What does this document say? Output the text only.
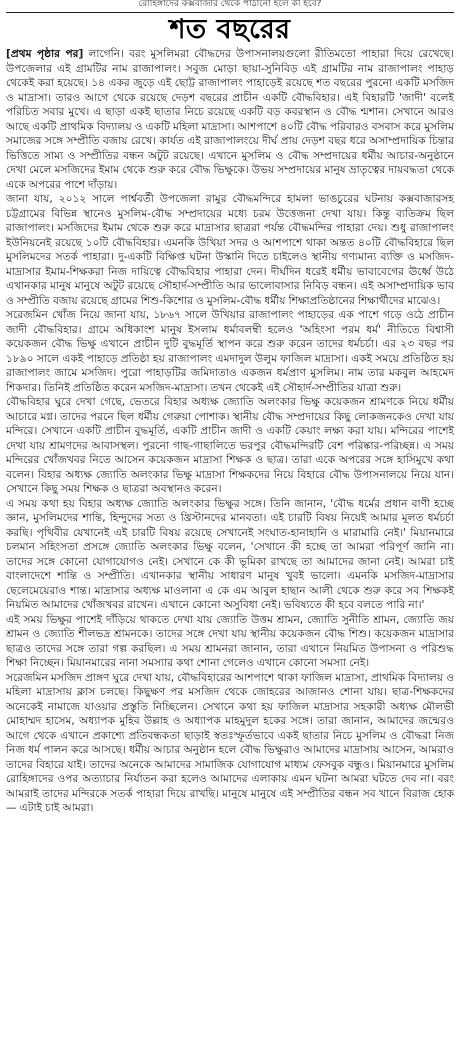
রোহিঙ্গাদের কক্সবাজার থেকে পাঠানো হলে কী হবে?
শত বছরের

[প্রথম পৃষ্ঠার পর] লাগেনি। বরং মুসলিমরা বৌদ্ধদের উপাসনালয়গুলো রীতিমতো পাহারা দিয়ে রেখেছে। উপজেলার এই গ্রামটির নাম রাজাপালং। সবুজ মোড়া ছায়া-সুনিবিড় এই গ্রামটির নাম রাজাপালং পাহাড় থেকেই করা হয়েছে। ১৪ একর জুড়ে এই ছোট্ট রাজাপালং পাহাড়েই রয়েছে শত বছরের পুরনো একটি মসজিদ ও মাদ্রাসা। তারও আগে থেকে রয়েছে দেড়শ বছরের প্রাচীন একটি বৌদ্ধবিহার। এই বিহারটি 'জাদী' বলেই পরিচিত সবার মুখে। এ ছাড়া একই ছাতার নিচে রয়েছে একটি বড় কবরস্থান ও বৌদ্ধ শ্মশান। সেখানে আরও আছে একটি প্রাথমিক বিদ্যালয় ও একটি মহিলা মাদ্রাসা। আশপাশে ৪০টি বৌদ্ধ পরিবারও বসবাস করে মুসলিম সমাজের সঙ্গে সম্প্রীতি বজায় রেখে। কার্যত এই রাজাপালংয়ে দীর্ঘ প্রায় দেড়শ বছর ধরে অসাম্প্রদায়িক চিন্তার ভিত্তিতে সাম্য ও সম্প্রীতির বন্ধন অটুট রয়েছে। এখানে মুসলিম ও বৌদ্ধ সম্প্রদায়ের ধর্মীয় আচার-অনুষ্ঠানে দেখা মেলে মসজিদের ইমাম থেকে শুরু করে বৌদ্ধ ভিক্ষুকে। উভয় সম্প্রদায়ের মানুষ ভ্রাতৃত্বের দায়বদ্ধতা থেকে একে অপরের পাশে দাঁড়ায়।

জানা যায়, ২০১২ সালে পার্শ্ববর্তী উপজেলা রামুর বৌদ্ধমন্দিরে হামলা ভাঙচুরের ঘটনায় কক্সবাজারসহ চট্টগ্রামের বিভিন্ন স্থানেও মুসলিম-বৌদ্ধ সম্প্রদায়ের মধ্যে চরম উত্তেজনা দেখা যায়। কিন্তু ব্যতিক্রম ছিল রাজাপালং। মসজিদের ইমাম থেকে শুরু করে মাদ্রাসার ছাত্ররা পর্যন্ত বৌদ্ধমন্দির পাহারা দেয়। শুধু রাজাপালং ইউনিয়নেই রয়েছে ১০টি বৌদ্ধবিহার। এমনকি উখিয়া সদর ও আশপাশে থাকা অন্তত ৪০টি বৌদ্ধবিহারে ছিল মুসলিমদের সতর্ক পাহারা। দু-একটি বিক্ষিপ্ত ঘটনা উস্কানি দিতে চাইলেও স্থানীয় গণ্যমান্য ব্যক্তি ও মসজিদ-মাদ্রাসার ইমাম-শিক্ষকরা নিজ দায়িত্বে বৌদ্ধবিহার পাহারা দেন। দীর্ঘদিন ধরেই ধর্মীয় ভাবাবেগের ঊর্ধ্বে উঠে এখানকার মানুষ মানুষে অটুট রয়েছে সৌহার্দ-সম্প্রীতি আর ভালোবাসার নিবিড় বন্ধন। এই অসাম্প্রদায়িক ভাব ও সম্প্রীতি বজায় রয়েছে গ্রামের শিশু-কিশোর ও মুসলিম-বৌদ্ধ ধর্মীয় শিক্ষাপ্রতিষ্ঠানের শিক্ষার্থীদের মাঝেও।

সরেজমিন খোঁজ নিয়ে জানা যায়, ১৮৬৭ সালে উখিয়ার রাজাপালং পাহাড়ের এক পাশে গড়ে ওঠে প্রাচীন জাদী বৌদ্ধবিহার। গ্রামে অধিকাংশ মানুষ ইসলাম ধর্মাবলম্বী হলেও 'অহিংসা পরম ধর্ম' নীতিতে বিশ্বাসী কয়েকজন বৌদ্ধ ভিক্ষু এখানে প্রাচীন দুটি বুদ্ধমূর্তি স্থাপন করে শুরু করেন তাদের ধর্মচর্চা। এর ২৩ বছর পর ১৮৯০ সালে একই পাহাড়ে প্রতিষ্ঠা হয় রাজাপালং এমদাদুল উলুম ফাজিল মাদ্রাসা। একই সময়ে প্রতিষ্ঠিত হয় রাজাপালং জামে মসজিদ। পুরো পাহাড়টির জমিদাতাও একজন ধর্মপ্রাণ মুসলিম। নাম তার মকবুল আহমেদ শিকদার। তিনিই প্রতিষ্ঠিত করেন মসজিদ-মাদ্রাসা। তখন থেকেই এই সৌহার্দ-সম্প্রীতির যাত্রা শুরু।

বৌদ্ধবিহার ঘুরে দেখা গেছে, ভেতরে বিহার অধ্যক্ষ জ্যোতি অলংকার ভিক্ষু কয়েকজন শ্রামণকে নিয়ে ধর্মীয় আচারে মগ্ন। তাদের পরনে ছিল ধর্মীয় গেরুয়া পোশাক। স্থানীয় বৌদ্ধ সম্প্রদায়ের কিছু লোকজনকেও দেখা যায় মন্দিরে। সেখানে একটি প্রাচীন বুদ্ধমূর্তি, একটি প্রাচীন জাদী ও একটি কেয়াং লক্ষ্য করা যায়। মন্দিরের পাশেই দেখা যায় শ্রামণদের আবাসস্থল। পুরনো গাছ-গাছালিতে ভরপুর বৌদ্ধমন্দিরটি বেশ পরিষ্কার-পরিচ্ছন্ন। এ সময় মন্দিরের খোঁজখবর নিতে আসেন কয়েকজন মাদ্রাসা শিক্ষক ও ছাত্র। তারা একে অপরের সঙ্গে হাসিমুখে কথা বলেন। বিহার অধ্যক্ষ জ্যোতি অলংকার ভিক্ষু মাদ্রাসা শিক্ষকদের নিয়ে বিহারে বৌদ্ধ উপাসনালয়ে নিয়ে যান। সেখানে কিছু সময় শিক্ষক ও ছাত্ররা অবস্থানও করেন।

এ সময় কথা হয় বিহার অধ্যক্ষ জ্যোতি অলংকার ভিক্ষুর সঙ্গে। তিনি জানান, 'বৌদ্ধ ধর্মের প্রধান বাণী হচ্ছে জ্ঞান, মুসলিমদের শান্তি, হিন্দুদের সত্য ও খ্রিস্টানদের মানবতা। এই চারটি বিষয় নিয়েই আমার মূলত ধর্মচর্চা করছি। পৃথিবীর যেখানেই এই চারটি বিষয় রয়েছে সেখানেই সংঘাত-হানাহানি ও মারামারি নেই।' মিয়ানমারে চলমান সহিংসতা প্রসঙ্গে জ্যোতি অলংকার ভিক্ষু বলেন, 'সেখানে কী হচ্ছে তা আমরা পরিপূর্ণ জানি না। তাদের সঙ্গে কোনো যোগাযোগও নেই। সেখানে কে কী ভূমিকা রাখছে তা আমাদের জানা নেই। আমরা চাই বাংলাদেশে শান্তি ও সম্প্রীতি। এখানকার স্থানীয় সাধারণ মানুষ খুবই ভালো। এমনকি মসজিদ-মাদ্রাসার ছেলেমেয়েরাও শান্ত। মাদ্রাসার অধ্যক্ষ মাওলানা এ কে এম আবুল হাছান আলী থেকে শুরু করে সব শিক্ষকই নিয়মিত আমাদের খোঁজখবর রাখেন। এখানে কোনো অসুবিধা নেই। ভবিষ্যতে কী হবে বলতে পারি না।'

এই সময় ভিক্ষুর পাশেই দাঁড়িয়ে থাকতে দেখা যায় জ্যোতি উত্তম শ্রামন, জ্যোতি সুনীতি শ্রামন, জ্যোতি জয় শ্রামন ও জ্যোতি শীলভদ্র শ্রামনকে। তাদের সঙ্গে দেখা যায় স্থানীয় কয়েকজন বৌদ্ধ শিশু। কয়েকজন মাদ্রাসার ছাত্রও তাদের সঙ্গে তারা গল্প করছিল। এ সময় শ্রামনরা জানান, তারা এখানে নিয়মিত উপাসনা ও পরিশুদ্ধ শিক্ষা নিচ্ছেন। মিয়ানমারের নানা সমস্যার কথা শোনা গেলেও এখানে কোনো সমস্যা নেই।

সরেজমিন মসজিদ প্রাঙ্গণ ঘুরে দেখা যায়, বৌদ্ধবিহারের আশপাশে থাকা ফাজিল মাদ্রাসা, প্রাথমিক বিদ্যালয় ও মহিলা মাদ্রাসায় ক্লাস চলছে। কিছুক্ষণ পর মসজিদ থেকে জোহরের আজানও শোনা যায়। ছাত্র-শিক্ষকদের অনেকেই নামাজে যাওয়ার প্রস্তুতি নিচ্ছিলেন। সেখানে কথা হয় ফাজিল মাদ্রাসার সহকারী অধ্যক্ষ মৌলভী মোহাম্মদ হাসেম, অধ্যাপক মুহিব উল্লাহ ও অধ্যাপক মাহমুদুল হকের সঙ্গে। তারা জানান, আমাদের জন্মেরও আগে থেকে এখানে প্রকাশ্যে প্রতিবন্ধকতা ছাড়াই স্বতঃস্ফূর্তভাবে একই ছাতার নিচে মুসলিম ও বৌদ্ধরা নিজ নিজ ধর্ম পালন করে আসছে। ধর্মীয় আচার অনুষ্ঠান হলে বৌদ্ধ ভিক্ষুরাও আমাদের মাদ্রাসায় আসেন, আমরাও তাদের বিহারে যাই। তাদের অনেকে আমাদের সামাজিক যোগাযোগ মাধ্যম ফেসবুক বন্ধুও। মিয়ানমারে মুসলিম রোহিঙ্গাদের ওপর অত্যাচার নির্যাতন করা হলেও আমাদের এলাকায় এমন ঘটনা আমরা ঘটতে দেব না। বরং আমরাই তাদের মন্দিরকে সতর্ক পাহারা দিয়ে রাখছি। মানুষে মানুষে এই সম্প্রীতির বন্ধন সব খানে বিরাজ হোক— এটাই চাই আমরা।
